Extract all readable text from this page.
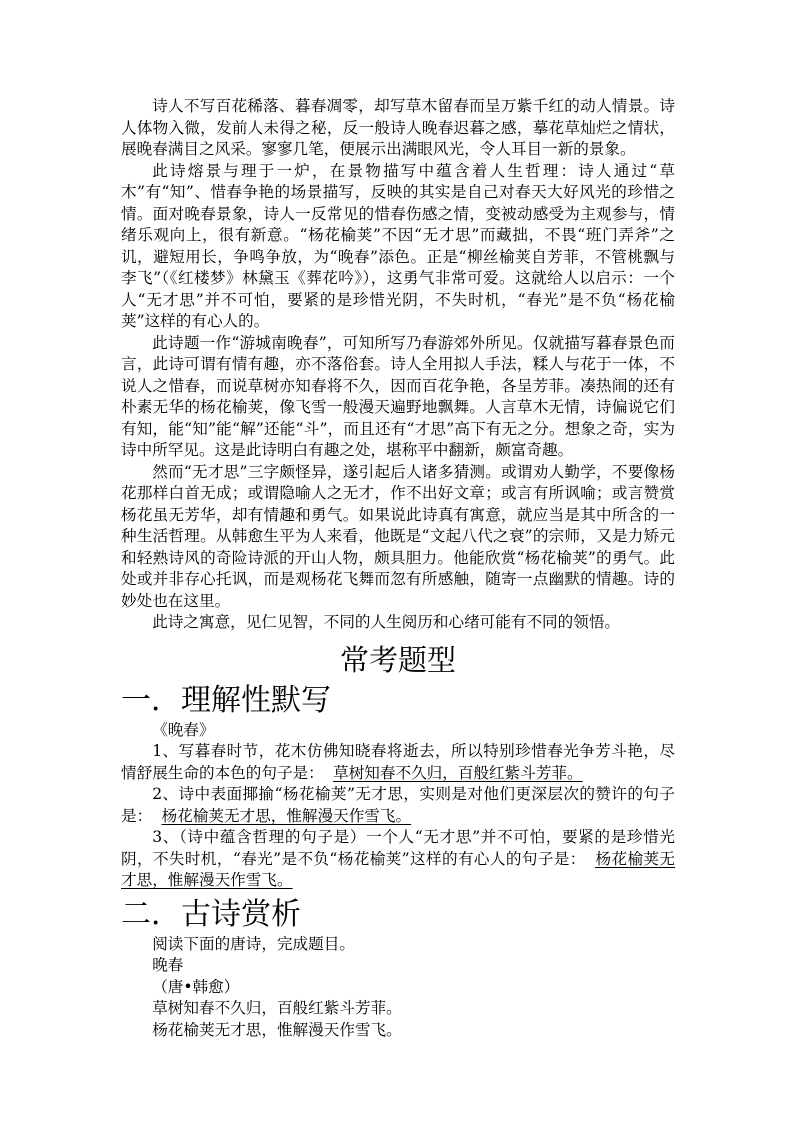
诗人不写百花稀落、暮春凋零，却写草木留春而呈万紫千红的动人情景。诗人体物入微，发前人未得之秘，反一般诗人晚春迟暮之感，摹花草灿烂之情状，展晚春满目之风采。寥寥几笔，便展示出满眼风光，令人耳目一新的景象。

此诗熔景与理于一炉，在景物描写中蕴含着人生哲理：诗人通过“草木”有“知”、惜春争艳的场景描写，反映的其实是自己对春天大好风光的珍惜之情。面对晚春景象，诗人一反常见的惜春伤感之情，变被动感受为主观参与，情绪乐观向上，很有新意。“杨花榆荚”不因“无才思”而藏拙，不畏“班门弄斧”之讥，避短用长，争鸣争放，为“晚春”添色。正是“柳丝榆荚自芳菲，不管桃飘与李飞”（《红楼梦》林黛玉《葬花吟》），这勇气非常可爱。这就给人以启示：一个人“无才思”并不可怕，要紧的是珍惜光阴，不失时机，“春光”是不负“杨花榆荚”这样的有心人的。

此诗题一作“游城南晚春”，可知所写乃春游郊外所见。仅就描写暮春景色而言，此诗可谓有情有趣，亦不落俗套。诗人全用拟人手法，糅人与花于一体，不说人之惜春，而说草树亦知春将不久，因而百花争艳，各呈芳菲。凑热闹的还有朴素无华的杨花榆荚，像飞雪一般漫天遍野地飘舞。人言草木无情，诗偏说它们有知，能“知”能“解”还能“斗”，而且还有“才思”高下有无之分。想象之奇，实为诗中所罕见。这是此诗明白有趣之处，堪称平中翻新，颇富奇趣。

然而“无才思”三字颇怪异，遂引起后人诸多猜测。或谓劝人勤学，不要像杨花那样白首无成；或谓隐喻人之无才，作不出好文章；或言有所讽喻；或言赞赏杨花虽无芳华，却有情趣和勇气。如果说此诗真有寓意，就应当是其中所含的一种生活哲理。从韩愈生平为人来看，他既是“文起八代之衰”的宗师，又是力矫元和轻熟诗风的奇险诗派的开山人物，颇具胆力。他能欣赏“杨花榆荚”的勇气。此处或并非存心托讽，而是观杨花飞舞而忽有所感触，随寄一点幽默的情趣。诗的妙处也在这里。

此诗之寓意，见仁见智，不同的人生阅历和心绪可能有不同的领悟。

常考题型
一．理解性默写

《晚春》

1、写暮春时节，花木仿佛知晓春将逝去，所以特别珍惜春光争芳斗艳，尽情舒展生命的本色的句子是： 草树知春不久归，百般红紫斗芳菲。

2、诗中表面揶揄“杨花榆荚”无才思，实则是对他们更深层次的赞许的句子是： 杨花榆荚无才思，惟解漫天作雪飞。

3、（诗中蕴含哲理的句子是）一个人“无才思”并不可怕，要紧的是珍惜光阴，不失时机，“春光”是不负“杨花榆荚”这样的有心人的句子是： 杨花榆荚无才思，惟解漫天作雪飞。

二．古诗赏析

阅读下面的唐诗，完成题目。

晚春

（唐•韩愈）

草树知春不久归，百般红紫斗芳菲。

杨花榆荚无才思，惟解漫天作雪飞。
